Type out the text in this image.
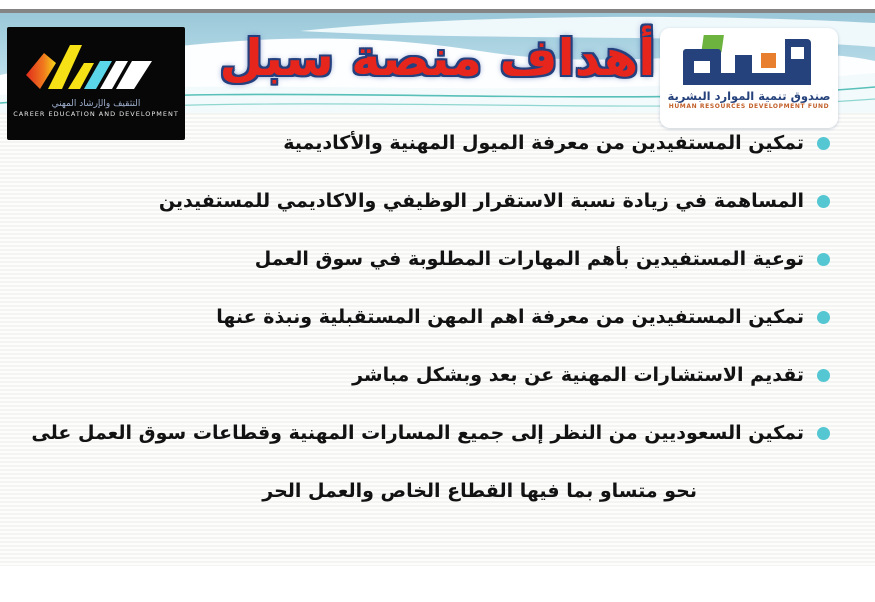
أهداف منصة سبل
التثقيف والإرشاد المهني
CAREER EDUCATION AND DEVELOPMENT
صندوق تنمية الموارد البشرية
HUMAN RESOURCES DEVELOPMENT FUND
تمكين المستفيدين من معرفة الميول المهنية والأكاديمية
المساهمة في زيادة نسبة الاستقرار الوظيفي والاكاديمي للمستفيدين
توعية المستفيدين بأهم المهارات المطلوبة في سوق العمل
تمكين المستفيدين من معرفة اهم المهن المستقبلية ونبذة عنها
تقديم الاستشارات المهنية عن بعد وبشكل مباشر
تمكين السعوديين من النظر إلى جميع المسارات المهنية وقطاعات سوق العمل على
نحو متساو بما فيها القطاع الخاص والعمل الحر
